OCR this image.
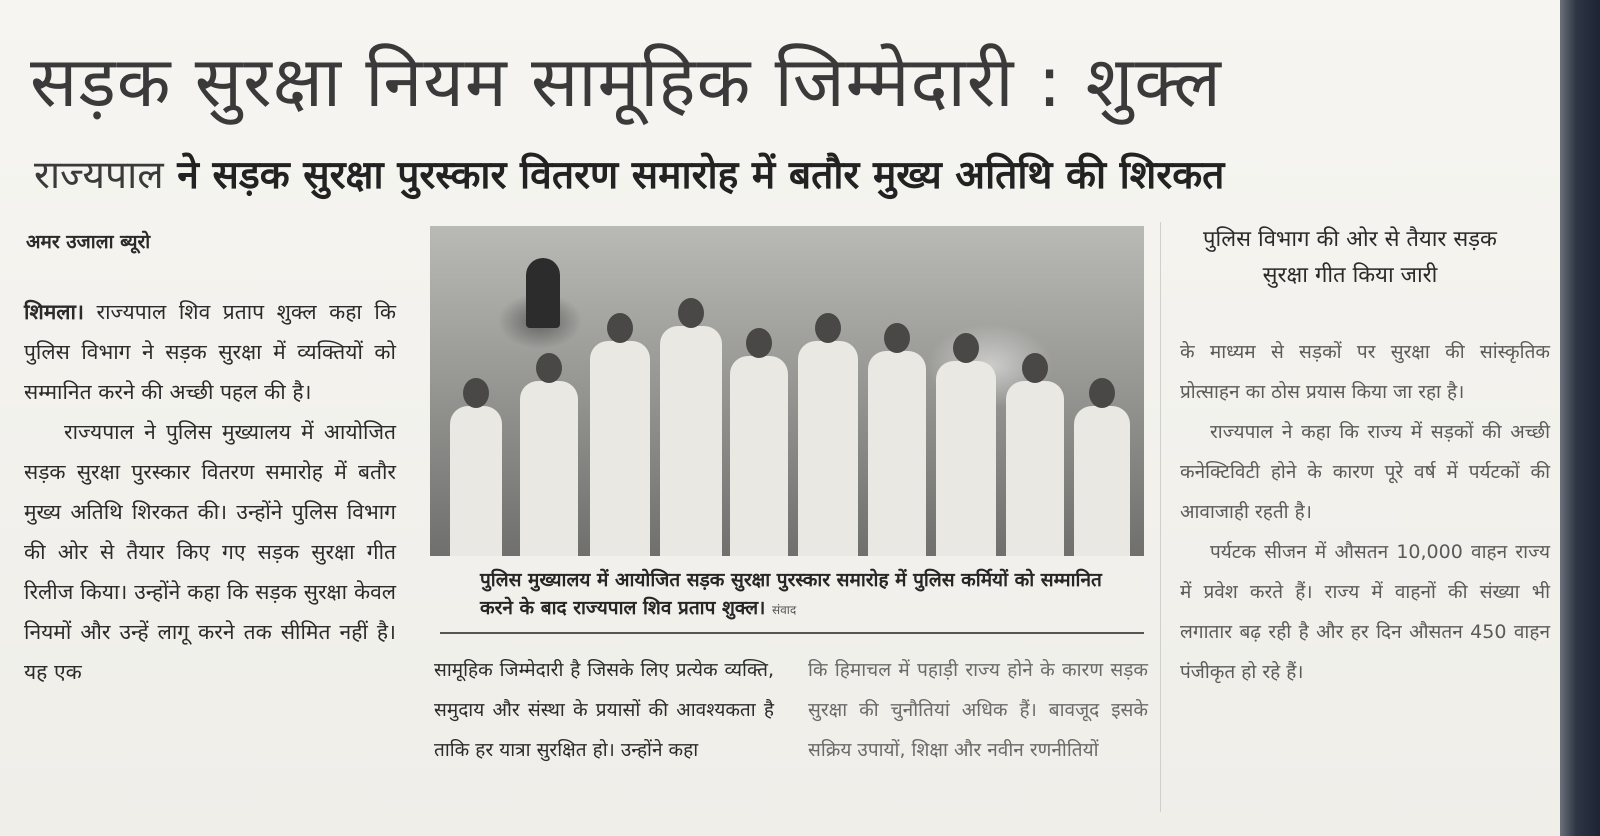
सड़क सुरक्षा नियम सामूहिक जिम्मेदारी : शुक्ल
राज्यपाल ने सड़क सुरक्षा पुरस्कार वितरण समारोह में बतौर मुख्य अतिथि की शिरकत
अमर उजाला ब्यूरो

शिमला। राज्यपाल शिव प्रताप शुक्ल कहा कि पुलिस विभाग ने सड़क सुरक्षा में व्यक्तियों को सम्मानित करने की अच्छी पहल की है।

राज्यपाल ने पुलिस मुख्यालय में आयोजित सड़क सुरक्षा पुरस्कार वितरण समारोह में बतौर मुख्य अतिथि शिरकत की। उन्होंने पुलिस विभाग की ओर से तैयार किए गए सड़क सुरक्षा गीत रिलीज किया। उन्होंने कहा कि सड़क सुरक्षा केवल नियमों और उन्हें लागू करने तक सीमित नहीं है। यह एक

पुलिस मुख्यालय में आयोजित सड़क सुरक्षा पुरस्कार समारोह में पुलिस कर्मियों को सम्मानित करने के बाद राज्यपाल शिव प्रताप शुक्ल। संवाद
सामूहिक जिम्मेदारी है जिसके लिए प्रत्येक व्यक्ति, समुदाय और संस्था के प्रयासों की आवश्यकता है ताकि हर यात्रा सुरक्षित हो। उन्होंने कहा
कि हिमाचल में पहाड़ी राज्य होने के कारण सड़क सुरक्षा की चुनौतियां अधिक हैं। बावजूद इसके सक्रिय उपायों, शिक्षा और नवीन रणनीतियों
पुलिस विभाग की ओर से तैयार सड़क सुरक्षा गीत किया जारी

के माध्यम से सड़कों पर सुरक्षा की सांस्कृतिक प्रोत्साहन का ठोस प्रयास किया जा रहा है।

राज्यपाल ने कहा कि राज्य में सड़कों की अच्छी कनेक्टिविटी होने के कारण पूरे वर्ष में पर्यटकों की आवाजाही रहती है।

पर्यटक सीजन में औसतन 10,000 वाहन राज्य में प्रवेश करते हैं। राज्य में वाहनों की संख्या भी लगातार बढ़ रही है और हर दिन औसतन 450 वाहन पंजीकृत हो रहे हैं।
